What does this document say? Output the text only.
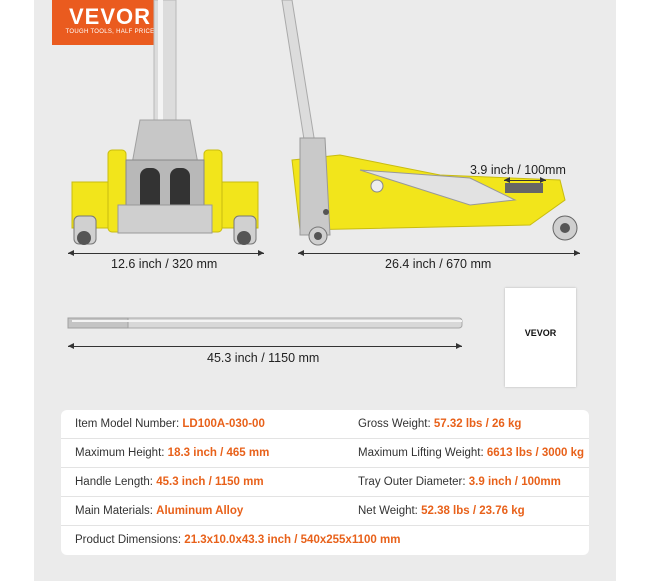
VEVOR
TOUGH TOOLS, HALF PRICE
12.6 inch / 320 mm	26.4 inch / 670 mm
3.9 inch / 100mm
45.3 inch / 1150 mm
VEVOR
Item Model Number: LD100A-030-00	Gross Weight: 57.32 lbs / 26 kg
Maximum Height: 18.3 inch / 465 mm	Maximum Lifting Weight: 6613 lbs / 3000 kg
Handle Length: 45.3 inch / 1150 mm	Tray Outer Diameter: 3.9 inch / 100mm
Main Materials: Aluminum Alloy	Net Weight: 52.38 lbs / 23.76 kg
Product Dimensions: 21.3x10.0x43.3 inch / 540x255x1100 mm
